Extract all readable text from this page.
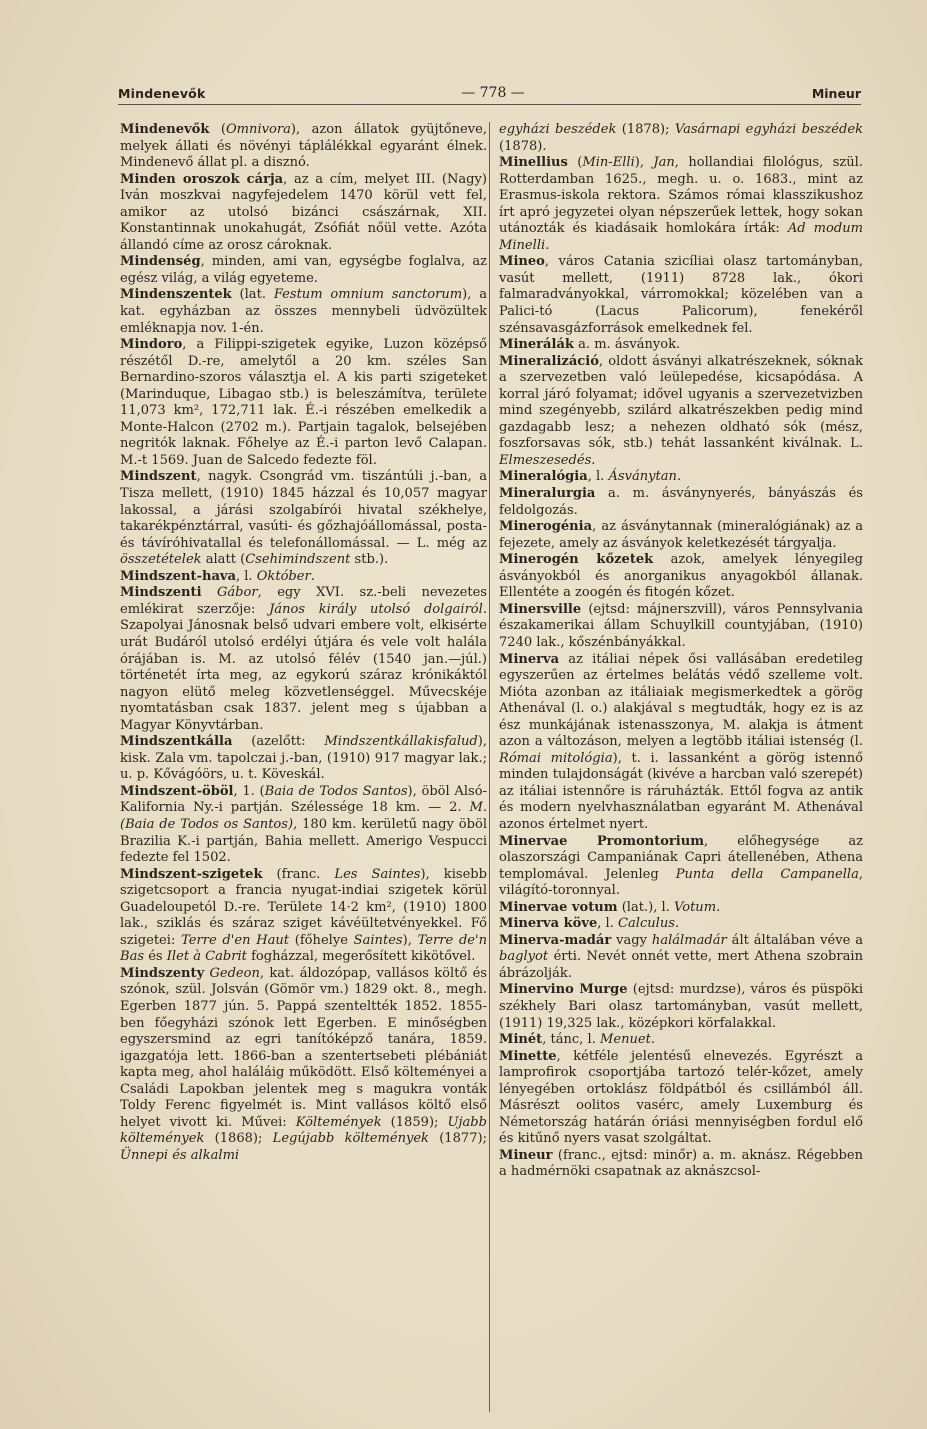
Mindenevők	— 778 —	Mineur

Mindenevők (Omnivora), azon állatok gyüjtőneve, melyek állati és növényi táplálékkal egyaránt élnek. Mindenevő állat pl. a disznó.

Minden oroszok cárja, az a cím, melyet III. (Nagy) Iván moszkvai nagyfejedelem 1470 körül vett fel, amikor az utolsó bizánci császárnak, XII. Konstantinnak unokahugát, Zsófiát nőül vette. Azóta állandó címe az orosz cároknak.

Mindenség, minden, ami van, egységbe foglalva, az egész világ, a világ egyeteme.

Mindenszentek (lat. Festum omnium sanctorum), a kat. egyházban az összes mennybeli üdvözültek emléknapja nov. 1-én.

Mindoro, a Filippi-szigetek egyike, Luzon középső részétől D.-re, amelytől a 20 km. széles San Bernardino-szoros választja el. A kis parti szigeteket (Marinduque, Libagao stb.) is beleszámítva, területe 11,073 km², 172,711 lak. É.-i részében emelkedik a Monte-Halcon (2702 m.). Partjain tagalok, belsejében negritók laknak. Főhelye az É.-i parton levő Calapan. M.-t 1569. Juan de Salcedo fedezte föl.

Mindszent, nagyk. Csongrád vm. tiszántúli j.-ban, a Tisza mellett, (1910) 1845 házzal és 10,057 magyar lakossal, a járási szolgabírói hivatal székhelye, takarékpénztárral, vasúti- és gőzhajóállomással, posta- és távíróhivatallal és telefonállomással. — L. még az összetételek alatt (Csehimindszent stb.).

Mindszent-hava, l. Október.

Mindszenti Gábor, egy XVI. sz.-beli nevezetes emlékirat szerzője: János király utolsó dolgairól. Szapolyai Jánosnak belső udvari embere volt, elkisérte urát Budáról utolsó erdélyi útjára és vele volt halála órájában is. M. az utolsó félév (1540 jan.—júl.) történetét írta meg, az egykorú száraz krónikáktól nagyon elütő meleg közvetlenséggel. Művecskéje nyomtatásban csak 1837. jelent meg s újabban a Magyar Könyvtárban.

Mindszentkálla (azelőtt: Mindszentkállakisfalud), kisk. Zala vm. tapolczai j.-ban, (1910) 917 magyar lak.; u. p. Kővágóörs, u. t. Köveskál.

Mindszent-öböl, 1. (Baia de Todos Santos), öböl Alsó-Kalifornia Ny.-i partján. Szélessége 18 km. — 2. M. (Baia de Todos os Santos), 180 km. kerületű nagy öböl Brazilia K.-i partján, Bahia mellett. Amerigo Vespucci fedezte fel 1502.

Mindszent-szigetek (franc. Les Saintes), kisebb szigetcsoport a francia nyugat-indiai szigetek körül Guadeloupetól D.-re. Területe 14·2 km², (1910) 1800 lak., sziklás és száraz sziget kávéültetvényekkel. Fő szigetei: Terre d'en Haut (főhelye Saintes), Terre de'n Bas és Ilet à Cabrit fogházzal, megerősített kikötővel.

Mindszenty Gedeon, kat. áldozópap, vallásos költő és szónok, szül. Jolsván (Gömör vm.) 1829 okt. 8., megh. Egerben 1877 jún. 5. Pappá szenteltték 1852. 1855-ben főegyházi szónok lett Egerben. E minőségben egyszersmind az egri tanítóképző tanára, 1859. igazgatója lett. 1866-ban a szentertsebeti plébániát kapta meg, ahol haláláig működött. Első költeményei a Családi Lapokban jelentek meg s magukra vonták Toldy Ferenc figyelmét is. Mint vallásos költő első helyet vivott ki. Művei: Költemények (1859); Ujabb költemények (1868); Legújabb költemények (1877); Ünnepi és alkalmi

egyházi beszédek (1878); Vasárnapi egyházi beszédek (1878).

Minellius (Min-Elli), Jan, hollandiai filológus, szül. Rotterdamban 1625., megh. u. o. 1683., mint az Erasmus-iskola rektora. Számos római klasszikushoz írt apró jegyzetei olyan népszerűek lettek, hogy sokan utánozták és kiadásaik homlokára írták: Ad modum Minelli.

Mineo, város Catania szicíliai olasz tartományban, vasút mellett, (1911) 8728 lak., ókori falmaradványokkal, várromokkal; közelében van a Palici-tó (Lacus Palicorum), fenekéről szénsavasgázforrások emelkednek fel.

Minerálák a. m. ásványok.

Mineralizáció, oldott ásványi alkatrészeknek, sóknak a szervezetben való leülepedése, kicsapódása. A korral járó folyamat; idővel ugyanis a szervezetvizben mind szegényebb, szilárd alkatrészekben pedig mind gazdagabb lesz; a nehezen oldható sók (mész, foszforsavas sók, stb.) tehát lassanként kiválnak. L. Elmeszesedés.

Mineralógia, l. Ásványtan.

Mineralurgia a. m. ásványnyerés, bányászás és feldolgozás.

Minerogénia, az ásványtannak (mineralógiának) az a fejezete, amely az ásványok keletkezését tárgyalja.

Minerogén kőzetek azok, amelyek lényegileg ásványokból és anorganikus anyagokból állanak. Ellentéte a zoogén és fitogén kőzet.

Minersville (ejtsd: májnerszvill), város Pennsylvania északamerikai állam Schuylkill countyjában, (1910) 7240 lak., kőszénbányákkal.

Minerva az itáliai népek ősi vallásában eredetileg egyszerűen az értelmes belátás védő szelleme volt. Mióta azonban az itáliaiak megismerkedtek a görög Athenával (l. o.) alakjával s megtudták, hogy ez is az ész munkájának istenasszonya, M. alakja is átment azon a változáson, melyen a legtöbb itáliai istenség (l. Római mitológia), t. i. lassanként a görög istennő minden tulajdonságát (kivéve a harcban való szerepét) az itáliai istennőre is ráruházták. Ettől fogva az antik és modern nyelvhasználatban egyaránt M. Athenával azonos értelmet nyert.

Minervae Promontorium, előhegysége az olaszországi Campaniának Capri átellenében, Athena templomával. Jelenleg Punta della Campanella, világító-toronnyal.

Minervae votum (lat.), l. Votum.

Minerva köve, l. Calculus.

Minerva-madár vagy halálmadár ált általában véve a baglyot érti. Nevét onnét vette, mert Athena szobrain ábrázolják.

Minervino Murge (ejtsd: murdzse), város és püspöki székhely Bari olasz tartományban, vasút mellett, (1911) 19,325 lak., középkori körfalakkal.

Minét, tánc, l. Menuet.

Minette, kétféle jelentésű elnevezés. Egyrészt a lamprofirok csoportjába tartozó telér-kőzet, amely lényegében ortoklász földpátból és csillámból áll. Másrészt oolitos vasérc, amely Luxemburg és Németország határán óriási mennyiségben fordul elő és kitűnő nyers vasat szolgáltat.

Mineur (franc., ejtsd: minőr) a. m. aknász. Régebben a hadmérnöki csapatnak az aknászcsol-
